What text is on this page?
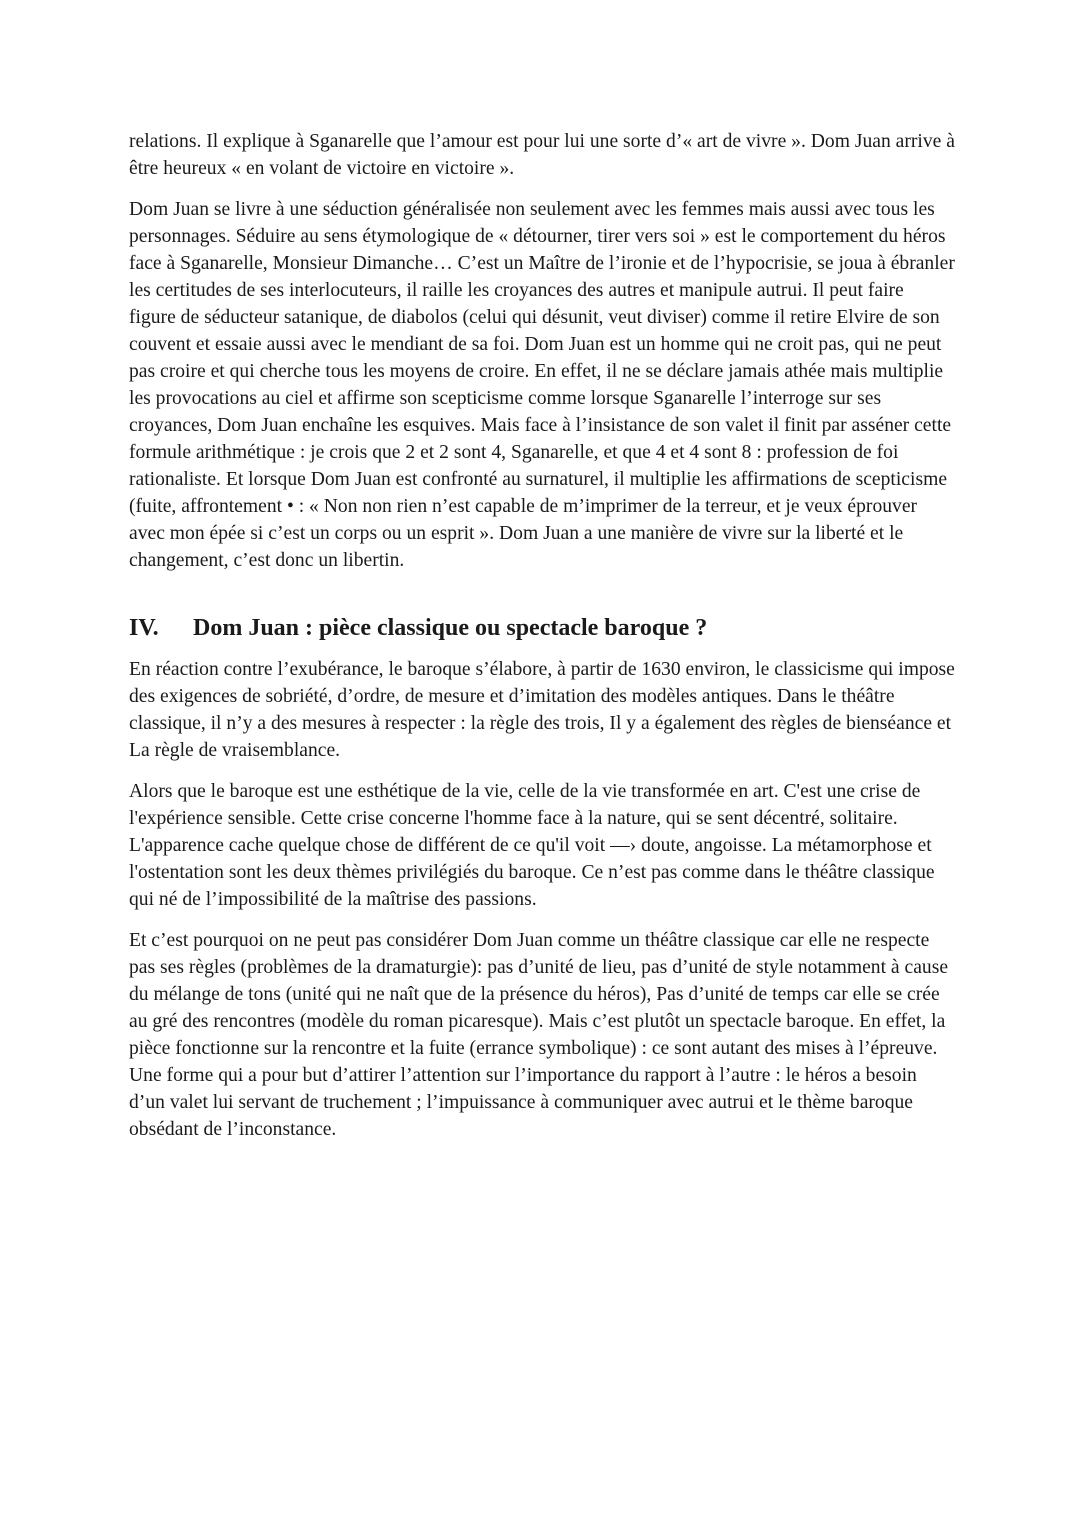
relations. Il explique à Sganarelle que l’amour est pour lui une sorte d’« art de vivre ». Dom Juan arrive à être heureux « en volant de victoire en victoire ».

Dom Juan se livre à une séduction généralisée non seulement avec les femmes mais aussi avec tous les personnages. Séduire au sens étymologique de « détourner, tirer vers soi » est le comportement du héros face à Sganarelle, Monsieur Dimanche… C’est un Maître de l’ironie et de l’hypocrisie, se joua à ébranler les certitudes de ses interlocuteurs, il raille les croyances des autres et manipule autrui. Il peut faire figure de séducteur satanique, de diabolos (celui qui désunit, veut diviser) comme il retire Elvire de son couvent et essaie aussi avec le mendiant de sa foi. Dom Juan est un homme qui ne croit pas, qui ne peut pas croire et qui cherche tous les moyens de croire. En effet, il ne se déclare jamais athée mais multiplie les provocations au ciel et affirme son scepticisme comme lorsque Sganarelle l’interroge sur ses croyances, Dom Juan enchaîne les esquives. Mais face à l’insistance de son valet il finit par asséner cette formule arithmétique : je crois que 2 et 2 sont 4, Sganarelle, et que 4 et 4 sont 8 : profession de foi rationaliste. Et lorsque Dom Juan est confronté au surnaturel, il multiplie les affirmations de scepticisme (fuite, affrontement • : « Non non rien n’est capable de m’imprimer de la terreur, et je veux éprouver avec mon épée si c’est un corps ou un esprit ». Dom Juan a une manière de vivre sur la liberté et le changement, c’est donc un libertin.

IV. Dom Juan : pièce classique ou spectacle baroque ?

En réaction contre l’exubérance, le baroque s’élabore, à partir de 1630 environ, le classicisme qui impose des exigences de sobriété, d’ordre, de mesure et d’imitation des modèles antiques. Dans le théâtre classique, il n’y a des mesures à respecter : la règle des trois, Il y a également des règles de bienséance et La règle de vraisemblance.

Alors que le baroque est une esthétique de la vie, celle de la vie transformée en art. C'est une crise de l'expérience sensible. Cette crise concerne l'homme face à la nature, qui se sent décentré, solitaire. L'apparence cache quelque chose de différent de ce qu'il voit —› doute, angoisse. La métamorphose et l'ostentation sont les deux thèmes privilégiés du baroque. Ce n’est pas comme dans le théâtre classique qui né de l’impossibilité de la maîtrise des passions.

Et c’est pourquoi on ne peut pas considérer Dom Juan comme un théâtre classique car elle ne respecte pas ses règles (problèmes de la dramaturgie): pas d’unité de lieu, pas d’unité de style notamment à cause du mélange de tons (unité qui ne naît que de la présence du héros), Pas d’unité de temps car elle se crée au gré des rencontres (modèle du roman picaresque). Mais c’est plutôt un spectacle baroque. En effet, la pièce fonctionne sur la rencontre et la fuite (errance symbolique) : ce sont autant des mises à l’épreuve. Une forme qui a pour but d’attirer l’attention sur l’importance du rapport à l’autre : le héros a besoin d’un valet lui servant de truchement ; l’impuissance à communiquer avec autrui et le thème baroque obsédant de l’inconstance.
